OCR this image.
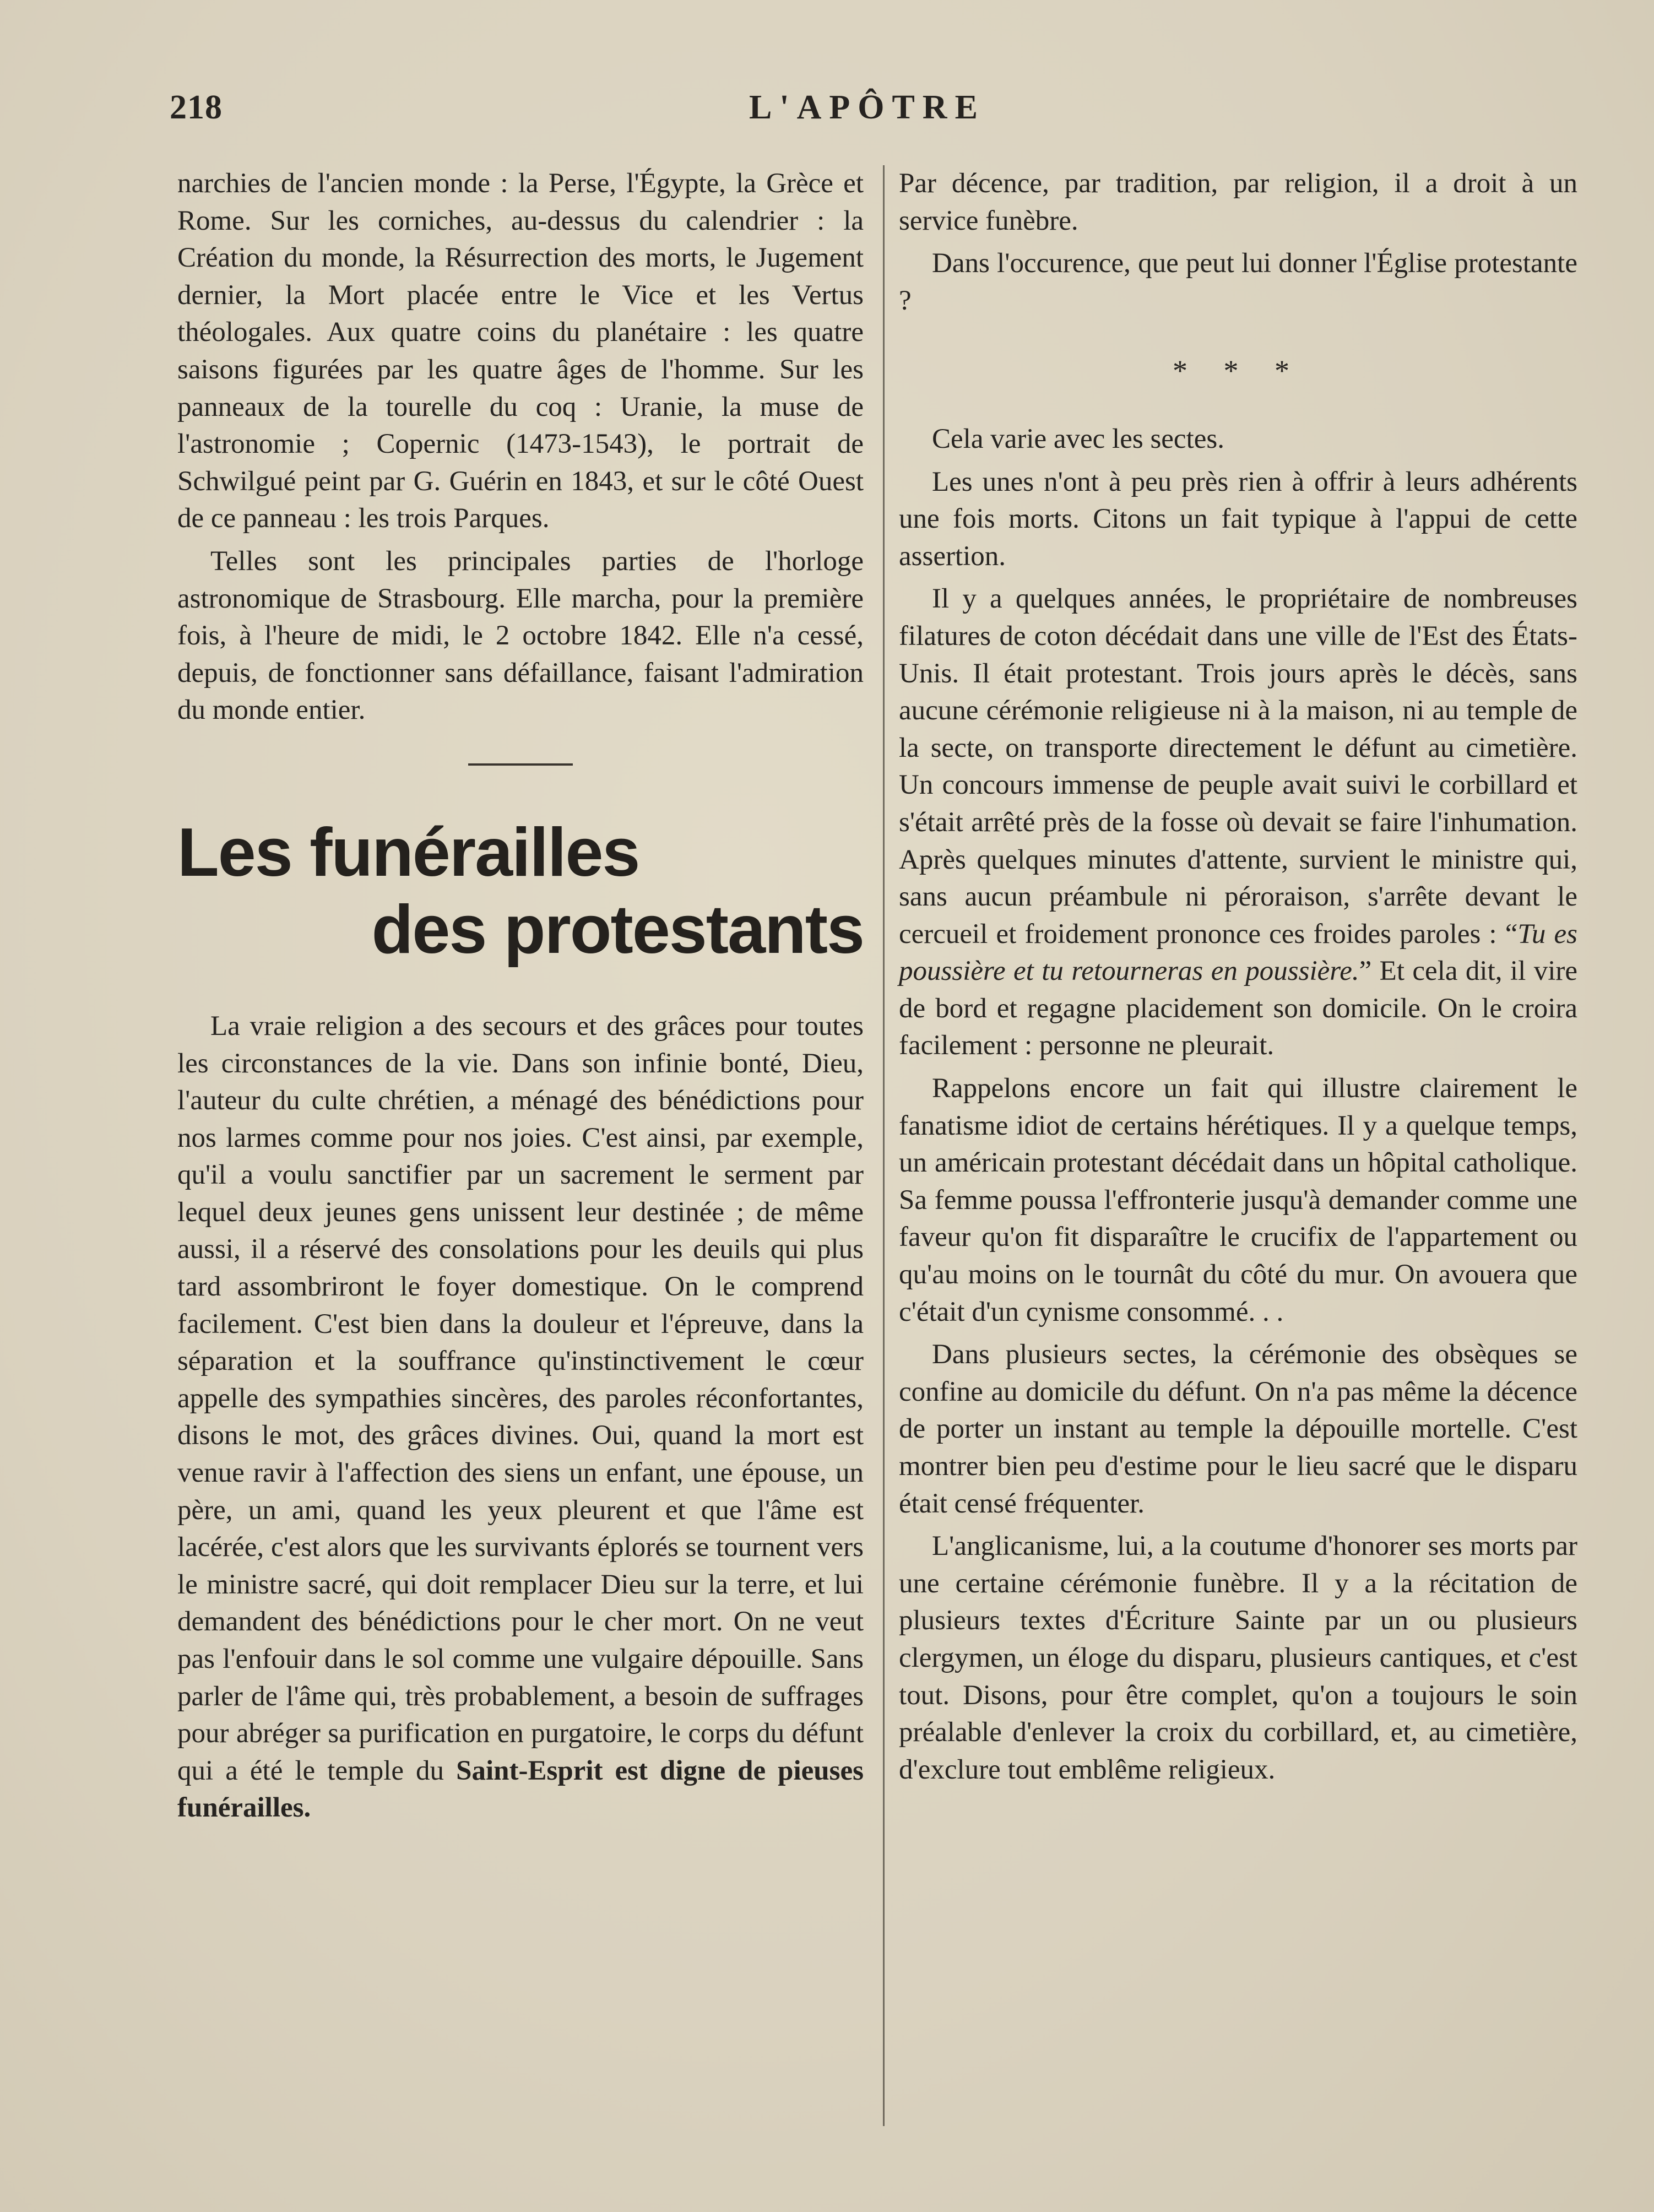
218	L'APÔTRE

narchies de l'ancien monde : la Perse, l'Égypte, la Grèce et Rome. Sur les corniches, au-dessus du calendrier : la Création du monde, la Résurrection des morts, le Jugement dernier, la Mort placée entre le Vice et les Vertus théologales. Aux quatre coins du planétaire : les quatre saisons figurées par les quatre âges de l'homme. Sur les panneaux de la tourelle du coq : Uranie, la muse de l'astronomie ; Copernic (1473-1543), le portrait de Schwilgué peint par G. Guérin en 1843, et sur le côté Ouest de ce panneau : les trois Parques.

Telles sont les principales parties de l'horloge astronomique de Strasbourg. Elle marcha, pour la première fois, à l'heure de midi, le 2 octobre 1842. Elle n'a cessé, depuis, de fonctionner sans défaillance, faisant l'admiration du monde entier.

Les funérailles
des protestants

La vraie religion a des secours et des grâces pour toutes les circonstances de la vie. Dans son infinie bonté, Dieu, l'auteur du culte chrétien, a ménagé des bénédictions pour nos larmes comme pour nos joies. C'est ainsi, par exemple, qu'il a voulu sanctifier par un sacrement le serment par lequel deux jeunes gens unissent leur destinée ; de même aussi, il a réservé des consolations pour les deuils qui plus tard assombriront le foyer domestique. On le comprend facilement. C'est bien dans la douleur et l'épreuve, dans la séparation et la souffrance qu'instinctivement le cœur appelle des sympathies sincères, des paroles réconfortantes, disons le mot, des grâces divines. Oui, quand la mort est venue ravir à l'affection des siens un enfant, une épouse, un père, un ami, quand les yeux pleurent et que l'âme est lacérée, c'est alors que les survivants éplorés se tournent vers le ministre sacré, qui doit remplacer Dieu sur la terre, et lui demandent des bénédictions pour le cher mort. On ne veut pas l'enfouir dans le sol comme une vulgaire dépouille. Sans parler de l'âme qui, très probablement, a besoin de suffrages pour abréger sa purification en purgatoire, le corps du défunt qui a été le temple du Saint-Esprit est digne de pieuses funérailles.

Par décence, par tradition, par religion, il a droit à un service funèbre.

Dans l'occurence, que peut lui donner l'Église protestante ?

* * *

Cela varie avec les sectes.

Les unes n'ont à peu près rien à offrir à leurs adhérents une fois morts. Citons un fait typique à l'appui de cette assertion.

Il y a quelques années, le propriétaire de nombreuses filatures de coton décédait dans une ville de l'Est des États-Unis. Il était protestant. Trois jours après le décès, sans aucune cérémonie religieuse ni à la maison, ni au temple de la secte, on transporte directement le défunt au cimetière. Un concours immense de peuple avait suivi le corbillard et s'était arrêté près de la fosse où devait se faire l'inhumation. Après quelques minutes d'attente, survient le ministre qui, sans aucun préambule ni péroraison, s'arrête devant le cercueil et froidement prononce ces froides paroles : “Tu es poussière et tu retourneras en poussière.” Et cela dit, il vire de bord et regagne placidement son domicile. On le croira facilement : personne ne pleurait.

Rappelons encore un fait qui illustre clairement le fanatisme idiot de certains hérétiques. Il y a quelque temps, un américain protestant décédait dans un hôpital catholique. Sa femme poussa l'effronterie jusqu'à demander comme une faveur qu'on fit disparaître le crucifix de l'appartement ou qu'au moins on le tournât du côté du mur. On avouera que c'était d'un cynisme consommé. . .

Dans plusieurs sectes, la cérémonie des obsèques se confine au domicile du défunt. On n'a pas même la décence de porter un instant au temple la dépouille mortelle. C'est montrer bien peu d'estime pour le lieu sacré que le disparu était censé fréquenter.

L'anglicanisme, lui, a la coutume d'honorer ses morts par une certaine cérémonie funèbre. Il y a la récitation de plusieurs textes d'Écriture Sainte par un ou plusieurs clergymen, un éloge du disparu, plusieurs cantiques, et c'est tout. Disons, pour être complet, qu'on a toujours le soin préalable d'enlever la croix du corbillard, et, au cimetière, d'exclure tout emblême religieux.
